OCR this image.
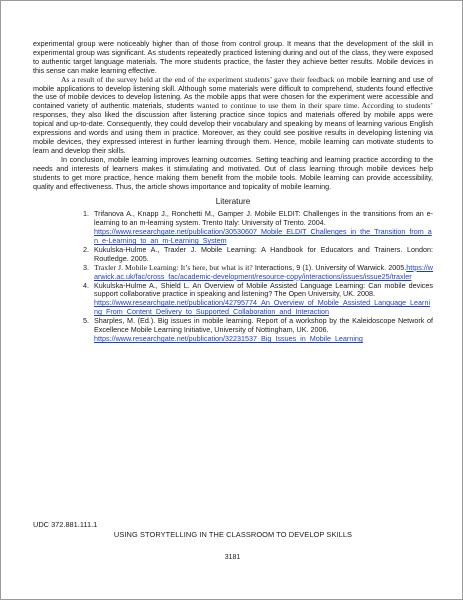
experimental group were noticeably higher than of those from control group. It means that the development of the skill in experimental group was significant. As students repeatedly practiced listening during and out of the class, they were exposed to authentic target language materials. The more students practice, the faster they achieve better results. Mobile devices in this sense can make learning effective.

As a result of the survey held at the end of the experiment students’ gave their feedback on mobile learning and use of mobile applications to develop listening skill. Although some materials were difficult to comprehend, students found effective the use of mobile devices to develop listening. As the mobile apps that were chosen for the experiment were accessible and contained variety of authentic materials, students wanted to continue to use them in their spare time. According to students’ responses, they also liked the discussion after listening practice since topics and materials offered by mobile apps were topical and up-to-date. Consequently, they could develop their vocabulary and speaking by means of learning various English expressions and words and using them in practice. Moreover, as they could see positive results in developing listening via mobile devices, they expressed interest in further learning through them. Hence, mobile learning can motivate students to learn and develop their skills.

In conclusion, mobile learning improves learning outcomes. Setting teaching and learning practice according to the needs and interests of learners makes it stimulating and motivated. Out of class learning through mobile devices help students to get more practice, hence making them benefit from the mobile tools. Mobile learning can provide accessibility, quality and effectiveness. Thus, the article shows importance and topicality of mobile learning.

Literature
1. Trifanova A., Knapp J., Ronchetti M., Gamper J. Mobile ELDIT: Challenges in the transitions from an e-learning to an m-learning system. Trento Italy: University of Trento. 2004.
https://www.researchgate.net/publication/30530607_Mobile_ELDIT_Challenges_in_the_Transition_from_an_e-Learning_to_an_m-Learning_System
2. Kukulska-Hulme A., Traxler J. Mobile Learning: A Handbook for Educators and Trainers. London: Routledge. 2005.
3. Traxler J. Mobile Learning: It’s here, but what is it? Interactions, 9 (1). University of Warwick. 2005.https://warwick.ac.uk/fac/cross_fac/academic-development/resource-copy/interactions/issues/issue25/traxler
4. Kukulska-Hulme A., Shield L. An Overview of Mobile Assisted Language Learning: Can mobile devices support collaborative practice in speaking and listening? The Open University, UK. 2008.
https://www.researchgate.net/publication/42795774_An_Overview_of_Mobile_Assisted_Language_Learning_From_Content_Delivery_to_Supported_Collaboration_and_Interaction
5. Sharples, M. (Ed.). Big issues in mobile learning. Report of a workshop by the Kaleidoscope Network of Excellence Mobile Learning Initiative, University of Nottingham, UK. 2006.
https://www.researchgate.net/publication/32231537_Big_Issues_in_Mobile_Learning
UDC 372.881.111.1
USING STORYTELLING IN THE CLASSROOM TO DEVELOP SKILLS
3181
